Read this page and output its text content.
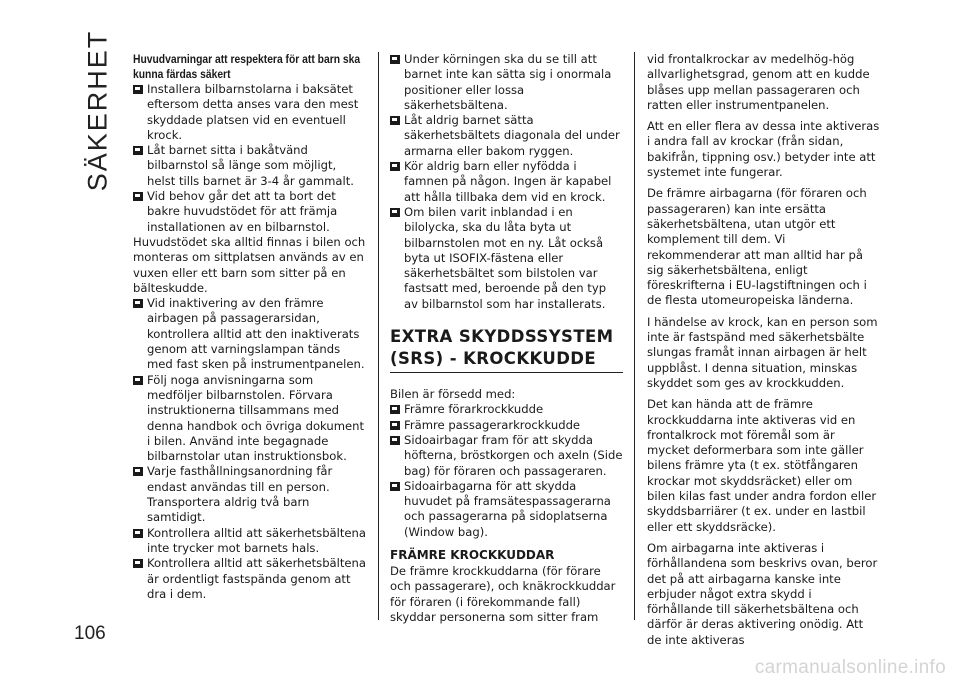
SÄKERHET Huvudvarningar att respektera för att barn ska kunna färdas säkert

Installera bilbarnstolarna i baksätet eftersom detta anses vara den mest skyddade platsen vid en eventuell krock.
Låt barnet sitta i bakåtvänd bilbarnstol så länge som möjligt, helst tills barnet är 3-4 år gammalt.
Vid behov går det att ta bort det bakre huvudstödet för att främja installationen av en bilbarnstol.

Huvudstödet ska alltid finnas i bilen och monteras om sittplatsen används av en vuxen eller ett barn som sitter på en bälteskudde.

Vid inaktivering av den främre airbagen på passagerarsidan, kontrollera alltid att den inaktiverats genom att varningslampan tänds med fast sken på instrumentpanelen.
Följ noga anvisningarna som medföljer bilbarnstolen. Förvara instruktionerna tillsammans med denna handbok och övriga dokument i bilen. Använd inte begagnade bilbarnstolar utan instruktionsbok.
Varje fasthållningsanordning får endast användas till en person. Transportera aldrig två barn samtidigt.
Kontrollera alltid att säkerhetsbältena inte trycker mot barnets hals.
Kontrollera alltid att säkerhetsbältena är ordentligt fastspända genom att dra i dem.
Under körningen ska du se till att barnet inte kan sätta sig i onormala positioner eller lossa säkerhetsbältena.
Låt aldrig barnet sätta säkerhetsbältets diagonala del under armarna eller bakom ryggen.
Kör aldrig barn eller nyfödda i famnen på någon. Ingen är kapabel att hålla tillbaka dem vid en krock.
Om bilen varit inblandad i en bilolycka, ska du låta byta ut bilbarnstolen mot en ny. Låt också byta ut ISOFIX-fästena eller säkerhetsbältet som bilstolen var fastsatt med, beroende på den typ av bilbarnstol som har installerats.
EXTRA SKYDDSSYSTEM (SRS) - KROCKKUDDE

Bilen är försedd med:

Främre förarkrockkudde
Främre passagerarkrockkudde
Sidoairbagar fram för att skydda höfterna, bröstkorgen och axeln (Side bag) för föraren och passageraren.
Sidoairbagarna för att skydda huvudet på framsätespassagerarna och passagerarna på sidoplatserna (Window bag).
FRÄMRE KROCKKUDDAR

De främre krockkuddarna (för förare och passagerare), och knäkrockkuddar för föraren (i förekommande fall) skyddar personerna som sitter fram

vid frontalkrockar av medelhög-hög allvarlighetsgrad, genom att en kudde blåses upp mellan passageraren och ratten eller instrumentpanelen.

Att en eller flera av dessa inte aktiveras i andra fall av krockar (från sidan, bakifrån, tippning osv.) betyder inte att systemet inte fungerar.

De främre airbagarna (för föraren och passageraren) kan inte ersätta säkerhetsbältena, utan utgör ett komplement till dem. Vi rekommenderar att man alltid har på sig säkerhetsbältena, enligt föreskrifterna i EU-lagstiftningen och i de flesta utomeuropeiska länderna.

I händelse av krock, kan en person som inte är fastspänd med säkerhetsbälte slungas framåt innan airbagen är helt uppblåst. I denna situation, minskas skyddet som ges av krockkudden.

Det kan hända att de främre krockkuddarna inte aktiveras vid en frontalkrock mot föremål som är mycket deformerbara som inte gäller bilens främre yta (t ex. stötfångaren krockar mot skyddsräcket) eller om bilen kilas fast under andra fordon eller skyddsbarriärer (t ex. under en lastbil eller ett skyddsräcke).

Om airbagarna inte aktiveras i förhållandena som beskrivs ovan, beror det på att airbagarna kanske inte erbjuder något extra skydd i förhållande till säkerhetsbältena och därför är deras aktivering onödig. Att de inte aktiveras

106
carmanualsonline.info
